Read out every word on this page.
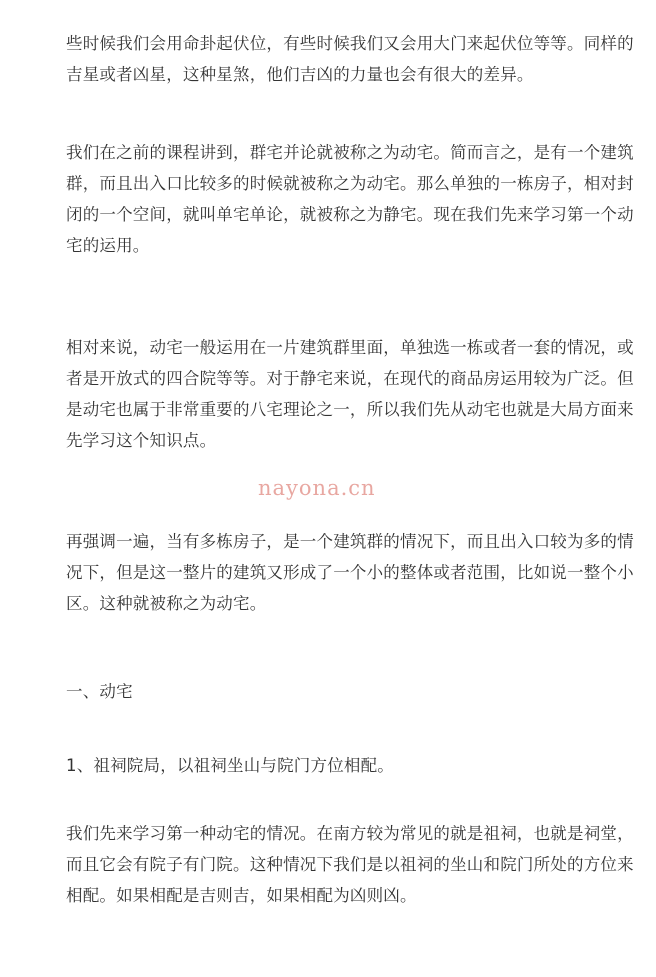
些时候我们会用命卦起伏位，有些时候我们又会用大门来起伏位等等。同样的
吉星或者凶星，这种星煞，他们吉凶的力量也会有很大的差异。
我们在之前的课程讲到，群宅并论就被称之为动宅。简而言之，是有一个建筑
群，而且出入口比较多的时候就被称之为动宅。那么单独的一栋房子，相对封
闭的一个空间，就叫单宅单论，就被称之为静宅。现在我们先来学习第一个动
宅的运用。
相对来说，动宅一般运用在一片建筑群里面，单独选一栋或者一套的情况，或
者是开放式的四合院等等。对于静宅来说，在现代的商品房运用较为广泛。但
是动宅也属于非常重要的八宅理论之一，所以我们先从动宅也就是大局方面来
先学习这个知识点。
nayona.cn
再强调一遍，当有多栋房子，是一个建筑群的情况下，而且出入口较为多的情
况下，但是这一整片的建筑又形成了一个小的整体或者范围，比如说一整个小
区。这种就被称之为动宅。
一、动宅
1、祖祠院局，以祖祠坐山与院门方位相配。
我们先来学习第一种动宅的情况。在南方较为常见的就是祖祠，也就是祠堂，
而且它会有院子有门院。这种情况下我们是以祖祠的坐山和院门所处的方位来
相配。如果相配是吉则吉，如果相配为凶则凶。
